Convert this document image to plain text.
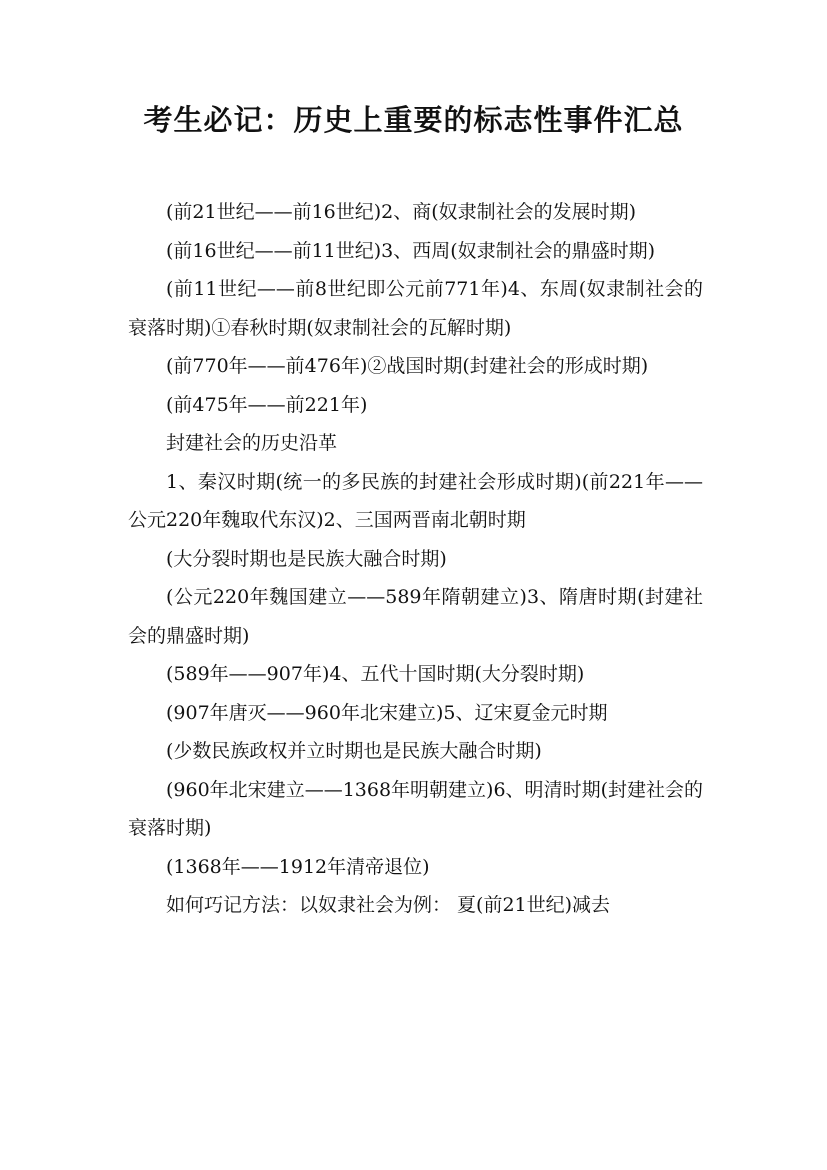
考生必记：历史上重要的标志性事件汇总

(前21世纪——前16世纪)2、商(奴隶制社会的发展时期)

(前16世纪——前11世纪)3、西周(奴隶制社会的鼎盛时期)

(前11世纪——前8世纪即公元前771年)4、东周(奴隶制社会的衰落时期)①春秋时期(奴隶制社会的瓦解时期)

(前770年——前476年)②战国时期(封建社会的形成时期)

(前475年——前221年)

封建社会的历史沿革

1、秦汉时期(统一的多民族的封建社会形成时期)(前221年——公元220年魏取代东汉)2、三国两晋南北朝时期

(大分裂时期也是民族大融合时期)

(公元220年魏国建立——589年隋朝建立)3、隋唐时期(封建社会的鼎盛时期)

(589年——907年)4、五代十国时期(大分裂时期)

(907年唐灭——960年北宋建立)5、辽宋夏金元时期

(少数民族政权并立时期也是民族大融合时期)

(960年北宋建立——1368年明朝建立)6、明清时期(封建社会的衰落时期)

(1368年——1912年清帝退位)

如何巧记方法：以奴隶社会为例： 夏(前21世纪)减去
